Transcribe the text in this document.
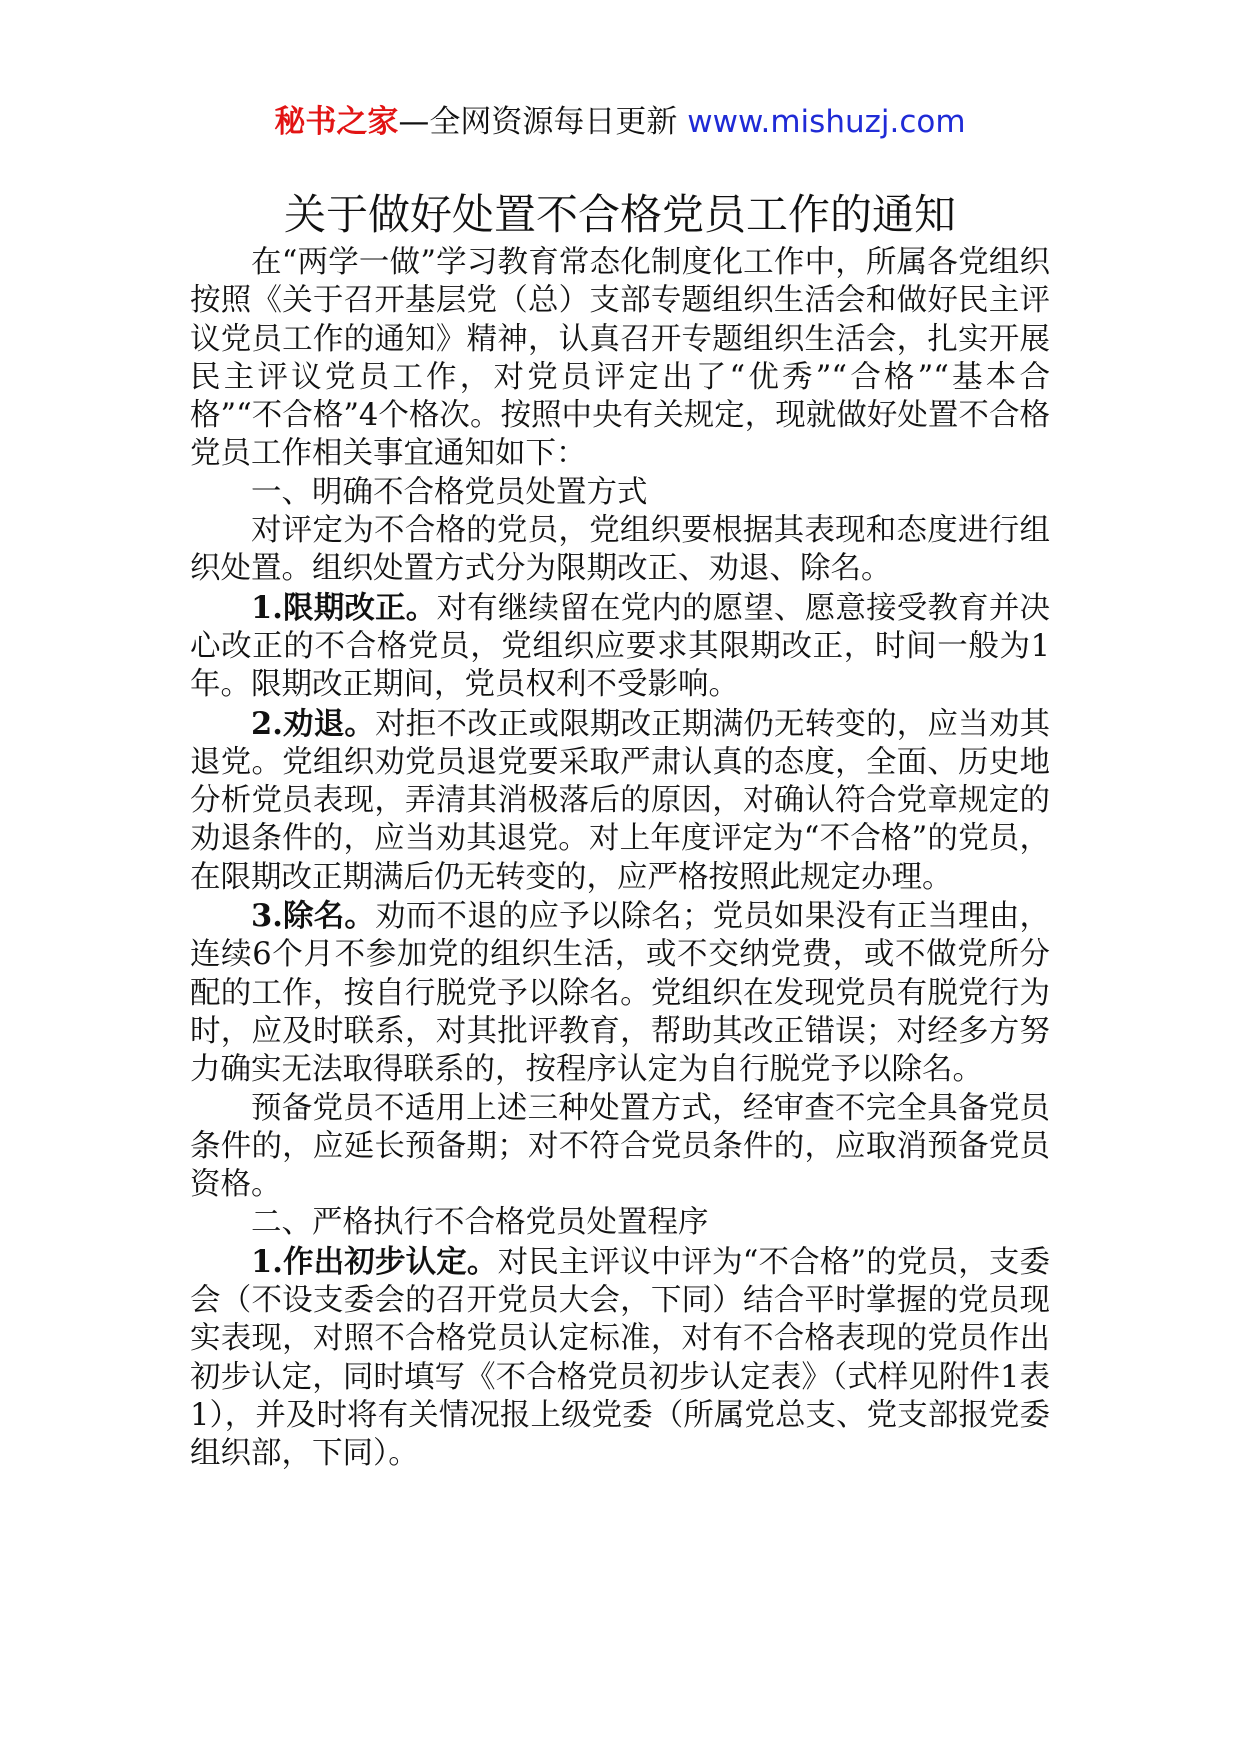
秘书之家—全网资源每日更新 www.mishuzj.com
关于做好处置不合格党员工作的通知

在“两学一做”学习教育常态化制度化工作中，所属各党组织按照《关于召开基层党（总）支部专题组织生活会和做好民主评议党员工作的通知》精神，认真召开专题组织生活会，扎实开展民主评议党员工作，对党员评定出了“优秀”“合格”“基本合格”“不合格”4个格次。按照中央有关规定，现就做好处置不合格党员工作相关事宜通知如下：

一、明确不合格党员处置方式

对评定为不合格的党员，党组织要根据其表现和态度进行组织处置。组织处置方式分为限期改正、劝退、除名。

1.限期改正。对有继续留在党内的愿望、愿意接受教育并决心改正的不合格党员，党组织应要求其限期改正，时间一般为1年。限期改正期间，党员权利不受影响。

2.劝退。对拒不改正或限期改正期满仍无转变的，应当劝其退党。党组织劝党员退党要采取严肃认真的态度，全面、历史地分析党员表现，弄清其消极落后的原因，对确认符合党章规定的劝退条件的，应当劝其退党。对上年度评定为“不合格”的党员，在限期改正期满后仍无转变的，应严格按照此规定办理。

3.除名。劝而不退的应予以除名；党员如果没有正当理由，连续6个月不参加党的组织生活，或不交纳党费，或不做党所分配的工作，按自行脱党予以除名。党组织在发现党员有脱党行为时，应及时联系，对其批评教育，帮助其改正错误；对经多方努力确实无法取得联系的，按程序认定为自行脱党予以除名。

预备党员不适用上述三种处置方式，经审查不完全具备党员条件的，应延长预备期；对不符合党员条件的，应取消预备党员资格。

二、严格执行不合格党员处置程序

1.作出初步认定。对民主评议中评为“不合格”的党员，支委会（不设支委会的召开党员大会，下同）结合平时掌握的党员现实表现，对照不合格党员认定标准，对有不合格表现的党员作出初步认定，同时填写《不合格党员初步认定表》（式样见附件1表1），并及时将有关情况报上级党委（所属党总支、党支部报党委组织部，下同）。
